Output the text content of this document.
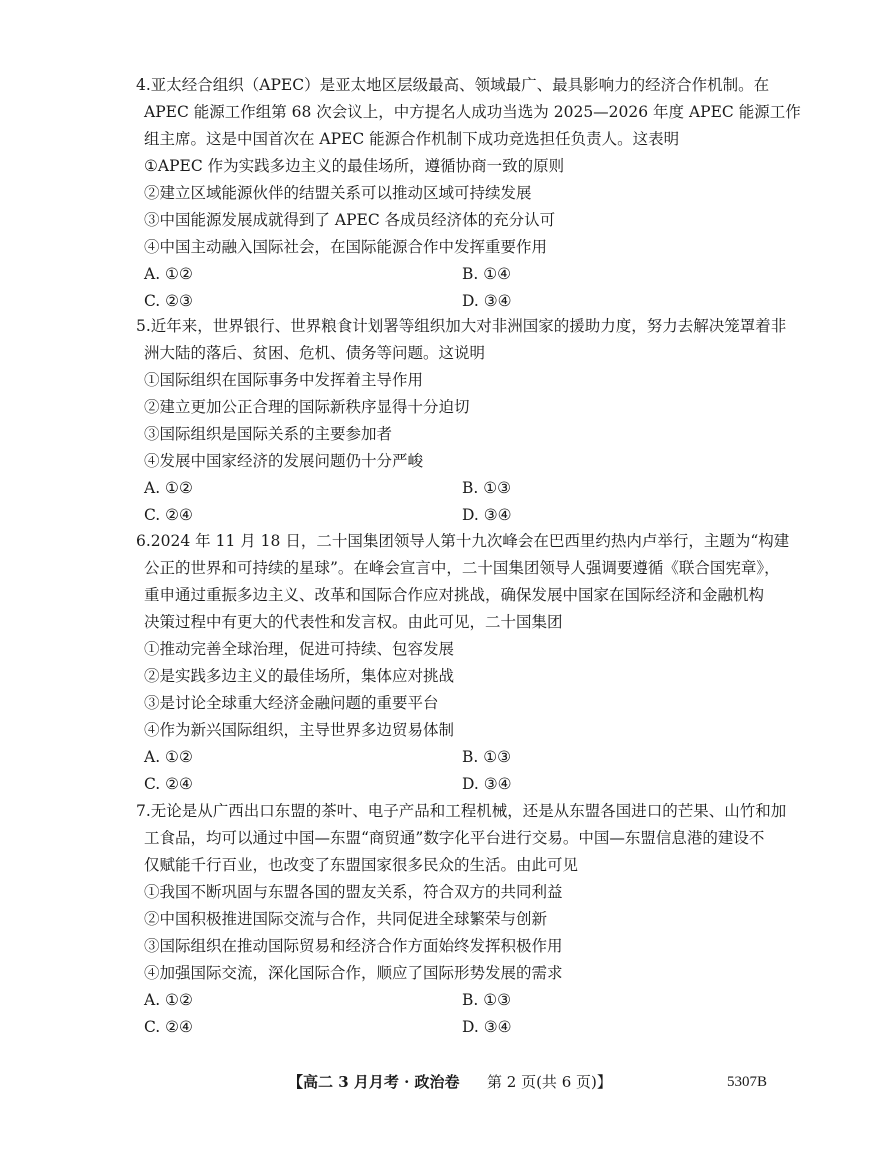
4.亚太经合组织（APEC）是亚太地区层级最高、领域最广、最具影响力的经济合作机制。在
APEC 能源工作组第 68 次会议上，中方提名人成功当选为 2025—2026 年度 APEC 能源工作
组主席。这是中国首次在 APEC 能源合作机制下成功竞选担任负责人。这表明
①APEC 作为实践多边主义的最佳场所，遵循协商一致的原则
②建立区域能源伙伴的结盟关系可以推动区域可持续发展
③中国能源发展成就得到了 APEC 各成员经济体的充分认可
④中国主动融入国际社会，在国际能源合作中发挥重要作用
A. ①②	B. ①④
C. ②③	D. ③④
5.近年来，世界银行、世界粮食计划署等组织加大对非洲国家的援助力度，努力去解决笼罩着非
洲大陆的落后、贫困、危机、债务等问题。这说明
①国际组织在国际事务中发挥着主导作用
②建立更加公正合理的国际新秩序显得十分迫切
③国际组织是国际关系的主要参加者
④发展中国家经济的发展问题仍十分严峻
A. ①②	B. ①③
C. ②④	D. ③④
6.2024 年 11 月 18 日，二十国集团领导人第十九次峰会在巴西里约热内卢举行，主题为“构建
公正的世界和可持续的星球”。在峰会宣言中，二十国集团领导人强调要遵循《联合国宪章》，
重申通过重振多边主义、改革和国际合作应对挑战，确保发展中国家在国际经济和金融机构
决策过程中有更大的代表性和发言权。由此可见，二十国集团
①推动完善全球治理，促进可持续、包容发展
②是实践多边主义的最佳场所，集体应对挑战
③是讨论全球重大经济金融问题的重要平台
④作为新兴国际组织，主导世界多边贸易体制
A. ①②	B. ①③
C. ②④	D. ③④
7.无论是从广西出口东盟的茶叶、电子产品和工程机械，还是从东盟各国进口的芒果、山竹和加
工食品，均可以通过中国—东盟“商贸通”数字化平台进行交易。中国—东盟信息港的建设不
仅赋能千行百业，也改变了东盟国家很多民众的生活。由此可见
①我国不断巩固与东盟各国的盟友关系，符合双方的共同利益
②中国积极推进国际交流与合作，共同促进全球繁荣与创新
③国际组织在推动国际贸易和经济合作方面始终发挥积极作用
④加强国际交流，深化国际合作，顺应了国际形势发展的需求
A. ①②	B. ①③
C. ②④	D. ③④
【高二 3 月月考 · 政治卷 第 2 页(共 6 页)】	5307B
